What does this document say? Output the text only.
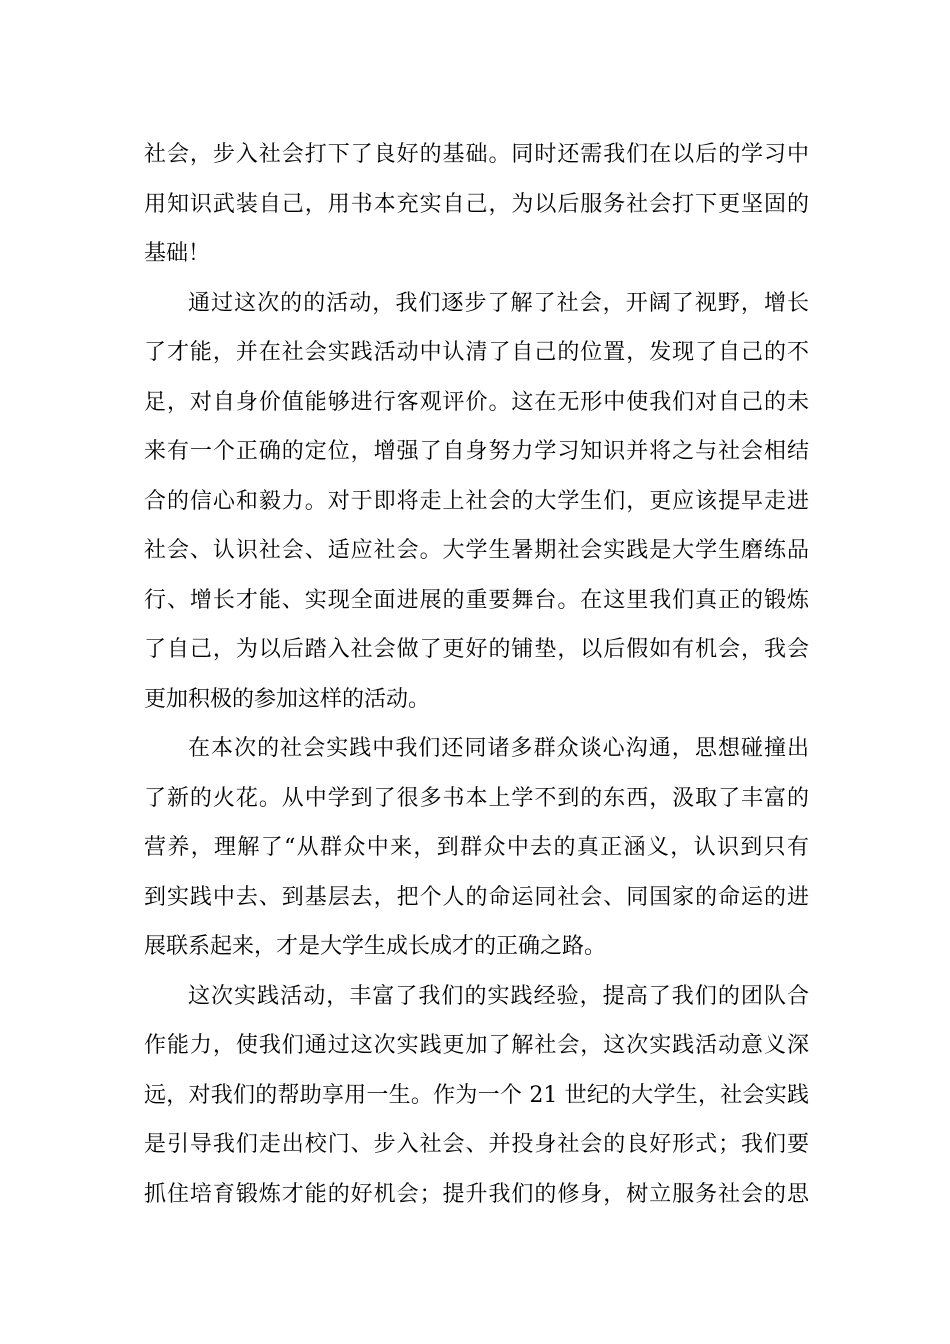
社会，步入社会打下了良好的基础。同时还需我们在以后的学习中
用知识武装自己，用书本充实自己，为以后服务社会打下更坚固的
基础！
通过这次的的活动，我们逐步了解了社会，开阔了视野，增长
了才能，并在社会实践活动中认清了自己的位置，发现了自己的不
足，对自身价值能够进行客观评价。这在无形中使我们对自己的未
来有一个正确的定位，增强了自身努力学习知识并将之与社会相结
合的信心和毅力。对于即将走上社会的大学生们，更应该提早走进
社会、认识社会、适应社会。大学生暑期社会实践是大学生磨练品
行、增长才能、实现全面进展的重要舞台。在这里我们真正的锻炼
了自己，为以后踏入社会做了更好的铺垫，以后假如有机会，我会
更加积极的参加这样的活动。
在本次的社会实践中我们还同诸多群众谈心沟通，思想碰撞出
了新的火花。从中学到了很多书本上学不到的东西，汲取了丰富的
营养，理解了“从群众中来，到群众中去的真正涵义，认识到只有
到实践中去、到基层去，把个人的命运同社会、同国家的命运的进
展联系起来，才是大学生成长成才的正确之路。
这次实践活动，丰富了我们的实践经验，提高了我们的团队合
作能力，使我们通过这次实践更加了解社会，这次实践活动意义深
远，对我们的帮助享用一生。作为一个 21 世纪的大学生，社会实践
是引导我们走出校门、步入社会、并投身社会的良好形式；我们要
抓住培育锻炼才能的好机会；提升我们的修身，树立服务社会的思
